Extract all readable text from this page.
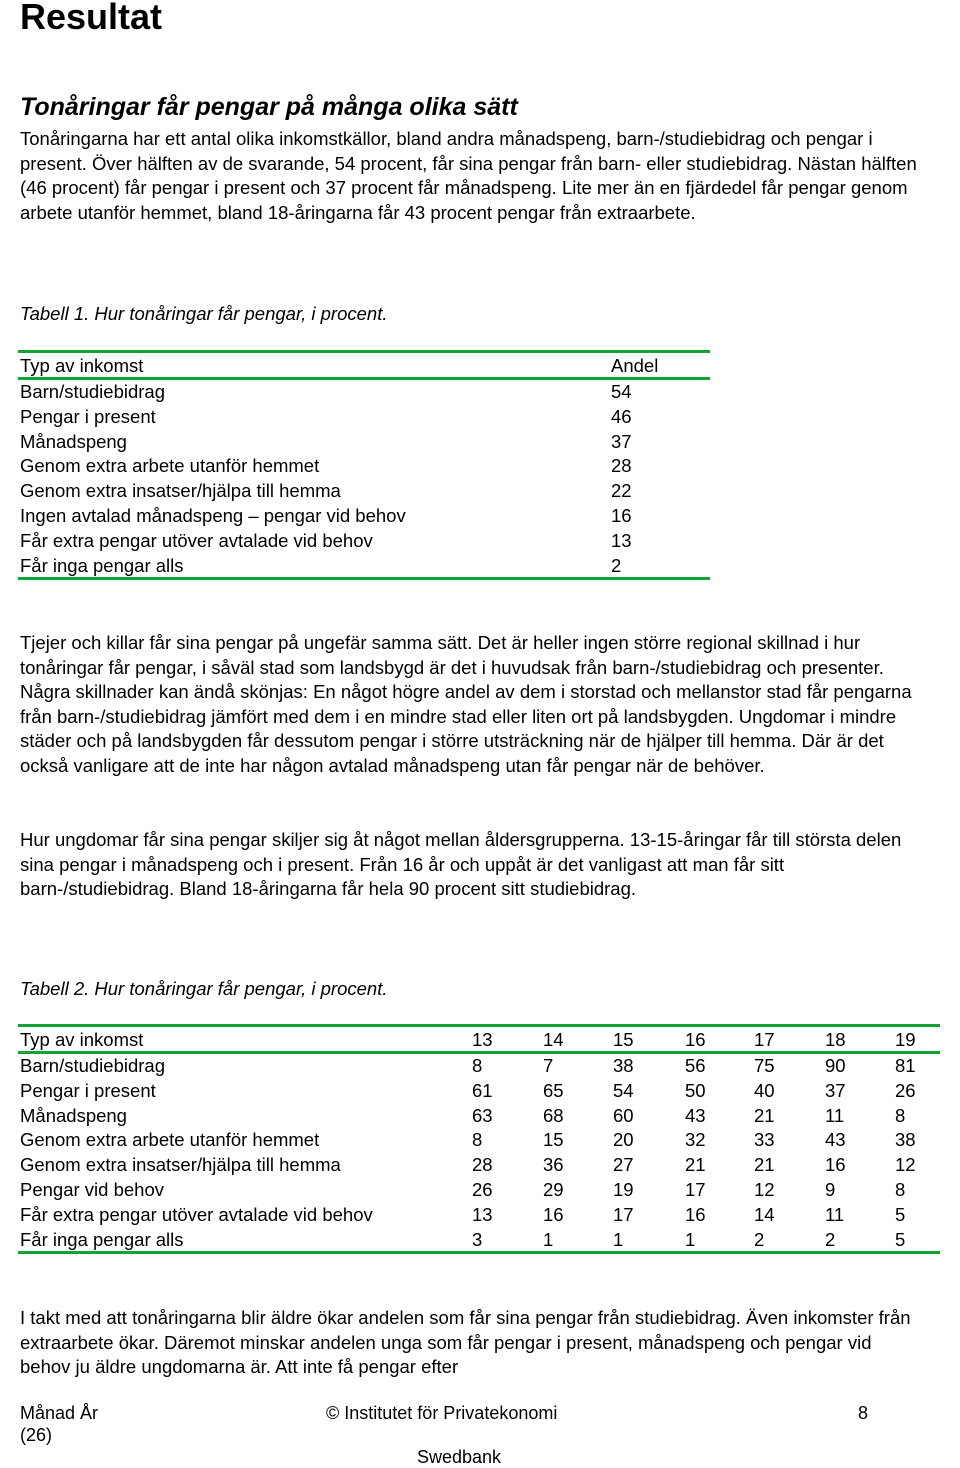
Resultat
Tonåringar får pengar på många olika sätt

Tonåringarna har ett antal olika inkomstkällor, bland andra månadspeng, barn-/studiebidrag och pengar i present. Över hälften av de svarande, 54 procent, får sina pengar från barn- eller studiebidrag. Nästan hälften (46 procent) får pengar i present och 37 procent får månadspeng. Lite mer än en fjärdedel får pengar genom arbete utanför hemmet, bland 18-åringarna får 43 procent pengar från extraarbete.

Tabell 1. Hur tonåringar får pengar, i procent.

Typ av inkomst	Andel
Barn/studiebidrag	54
Pengar i present	46
Månadspeng	37
Genom extra arbete utanför hemmet	28
Genom extra insatser/hjälpa till hemma	22
Ingen avtalad månadspeng – pengar vid behov	16
Får extra pengar utöver avtalade vid behov	13
Får inga pengar alls	2

Tjejer och killar får sina pengar på ungefär samma sätt. Det är heller ingen större regional skillnad i hur tonåringar får pengar, i såväl stad som landsbygd är det i huvudsak från barn-/studiebidrag och presenter. Några skillnader kan ändå skönjas: En något högre andel av dem i storstad och mellanstor stad får pengarna från barn-/studiebidrag jämfört med dem i en mindre stad eller liten ort på landsbygden. Ungdomar i mindre städer och på landsbygden får dessutom pengar i större utsträckning när de hjälper till hemma. Där är det också vanligare att de inte har någon avtalad månadspeng utan får pengar när de behöver.

Hur ungdomar får sina pengar skiljer sig åt något mellan åldersgrupperna. 13-15-åringar får till största delen sina pengar i månadspeng och i present. Från 16 år och uppåt är det vanligast att man får sitt barn-/studiebidrag. Bland 18-åringarna får hela 90 procent sitt studiebidrag.

Tabell 2. Hur tonåringar får pengar, i procent.

Typ av inkomst	13	14	15	16	17	18	19
Barn/studiebidrag	8	7	38	56	75	90	81
Pengar i present	61	65	54	50	40	37	26
Månadspeng	63	68	60	43	21	11	8
Genom extra arbete utanför hemmet	8	15	20	32	33	43	38
Genom extra insatser/hjälpa till hemma	28	36	27	21	21	16	12
Pengar vid behov	26	29	19	17	12	9	8
Får extra pengar utöver avtalade vid behov	13	16	17	16	14	11	5
Får inga pengar alls	3	1	1	1	2	2	5

I takt med att tonåringarna blir äldre ökar andelen som får sina pengar från studiebidrag. Även inkomster från extraarbete ökar. Däremot minskar andelen unga som får pengar i present, månadspeng och pengar vid behov ju äldre ungdomarna är. Att inte få pengar efter

Månad År
(26)
© Institutet för Privatekonomi
Swedbank
8
